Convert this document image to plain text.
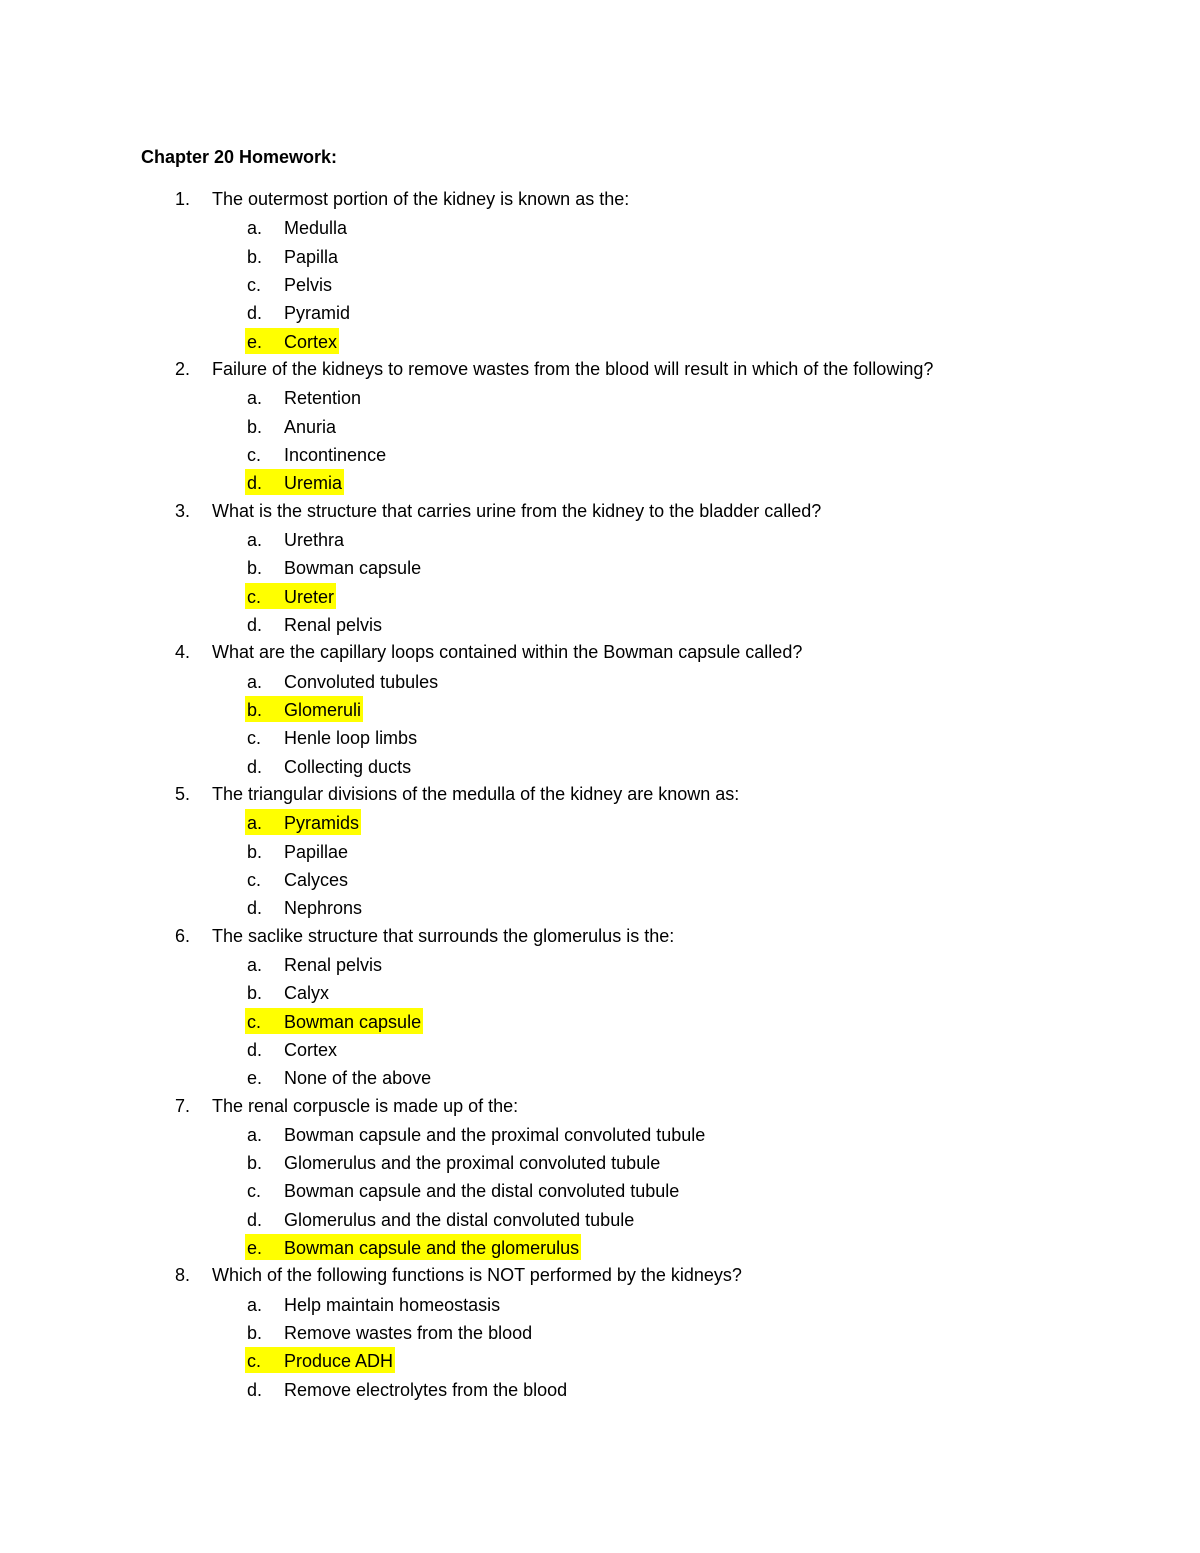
Chapter 20 Homework:
1. The outermost portion of the kidney is known as the:
a. Medulla
b. Papilla
c. Pelvis
d. Pyramid
e. Cortex
2. Failure of the kidneys to remove wastes from the blood will result in which of the following?
a. Retention
b. Anuria
c. Incontinence
d. Uremia
3. What is the structure that carries urine from the kidney to the bladder called?
a. Urethra
b. Bowman capsule
c. Ureter
d. Renal pelvis
4. What are the capillary loops contained within the Bowman capsule called?
a. Convoluted tubules
b. Glomeruli
c. Henle loop limbs
d. Collecting ducts
5. The triangular divisions of the medulla of the kidney are known as:
a. Pyramids
b. Papillae
c. Calyces
d. Nephrons
6. The saclike structure that surrounds the glomerulus is the:
a. Renal pelvis
b. Calyx
c. Bowman capsule
d. Cortex
e. None of the above
7. The renal corpuscle is made up of the:
a. Bowman capsule and the proximal convoluted tubule
b. Glomerulus and the proximal convoluted tubule
c. Bowman capsule and the distal convoluted tubule
d. Glomerulus and the distal convoluted tubule
e. Bowman capsule and the glomerulus
8. Which of the following functions is NOT performed by the kidneys?
a. Help maintain homeostasis
b. Remove wastes from the blood
c. Produce ADH
d. Remove electrolytes from the blood
